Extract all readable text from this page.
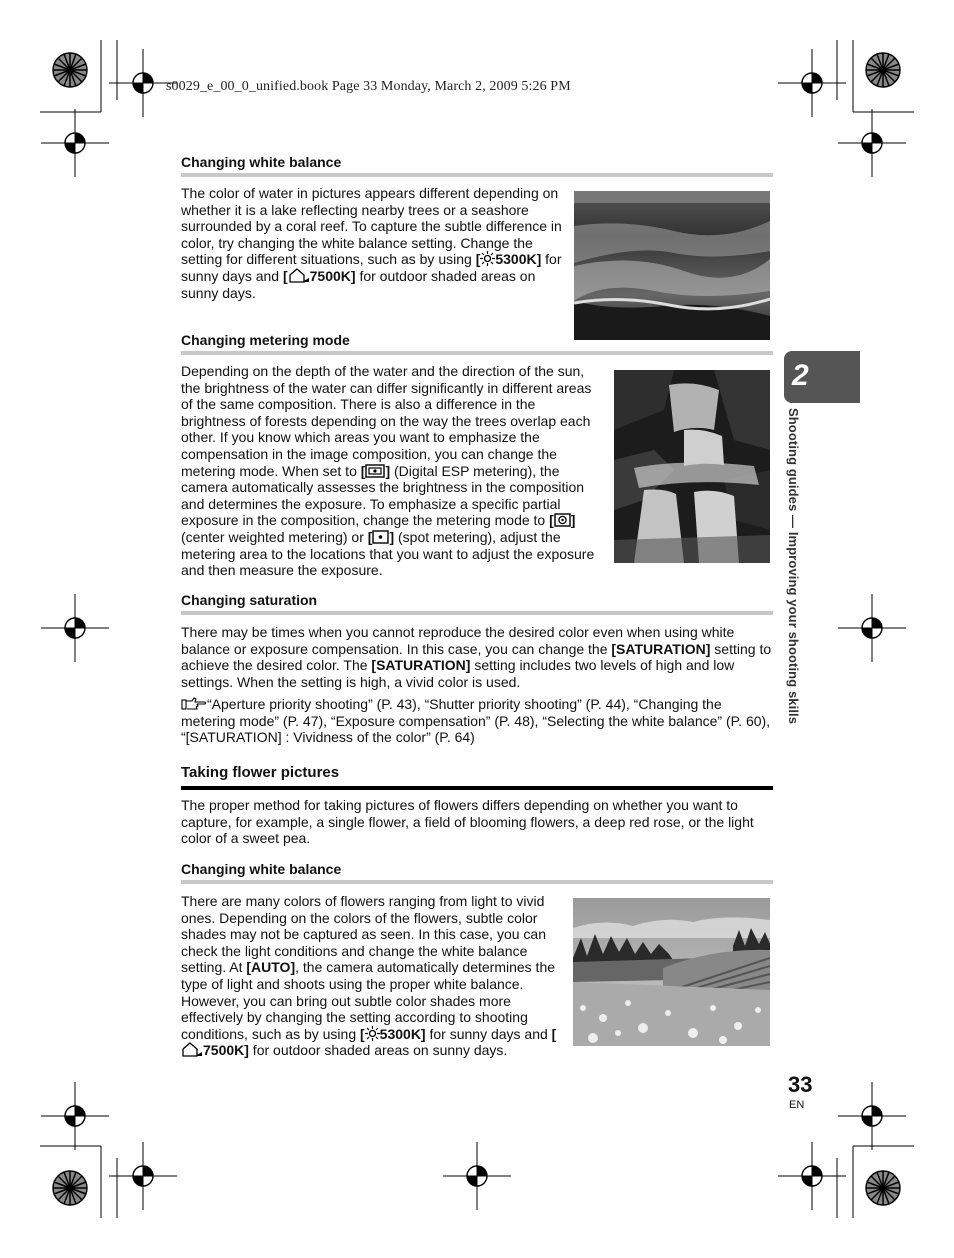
s0029_e_00_0_unified.book Page 33 Monday, March 2, 2009 5:26 PM
Changing white balance

The color of water in pictures appears different depending on whether it is a lake reflecting nearby trees or a seashore surrounded by a coral reef. To capture the subtle difference in color, try changing the white balance setting. Change the setting for different situations, such as by using [ 5300K] for sunny days and [ 7500K] for outdoor shaded areas on sunny days.

Changing metering mode

Depending on the depth of the water and the direction of the sun, the brightness of the water can differ significantly in different areas of the same composition. There is also a difference in the brightness of forests depending on the way the trees overlap each other. If you know which areas you want to emphasize the compensation in the image composition, you can change the metering mode. When set to [ ] (Digital ESP metering), the camera automatically assesses the brightness in the composition and determines the exposure. To emphasize a specific partial exposure in the composition, change the metering mode to [ ]
(center weighted metering) or [ ] (spot metering), adjust the metering area to the locations that you want to adjust the exposure and then measure the exposure.

Changing saturation

There may be times when you cannot reproduce the desired color even when using white balance or exposure compensation. In this case, you can change the [SATURATION] setting to achieve the desired color. The [SATURATION] setting includes two levels of high and low settings. When the setting is high, a vivid color is used.

“Aperture priority shooting” (P. 43), “Shutter priority shooting” (P. 44), “Changing the metering mode” (P. 47), “Exposure compensation” (P. 48), “Selecting the white balance” (P. 60), “[SATURATION] : Vividness of the color” (P. 64)

Taking flower pictures

The proper method for taking pictures of flowers differs depending on whether you want to capture, for example, a single flower, a field of blooming flowers, a deep red rose, or the light color of a sweet pea.

Changing white balance

There are many colors of flowers ranging from light to vivid ones. Depending on the colors of the flowers, subtle color shades may not be captured as seen. In this case, you can check the light conditions and change the white balance setting. At [AUTO], the camera automatically determines the type of light and shoots using the proper white balance. However, you can bring out subtle color shades more effectively by changing the setting according to shooting conditions, such as by using [ 5300K] for sunny days and [7500K] for outdoor shaded areas on sunny days.

2
Shooting guides — Improving your shooting skills
33
EN
